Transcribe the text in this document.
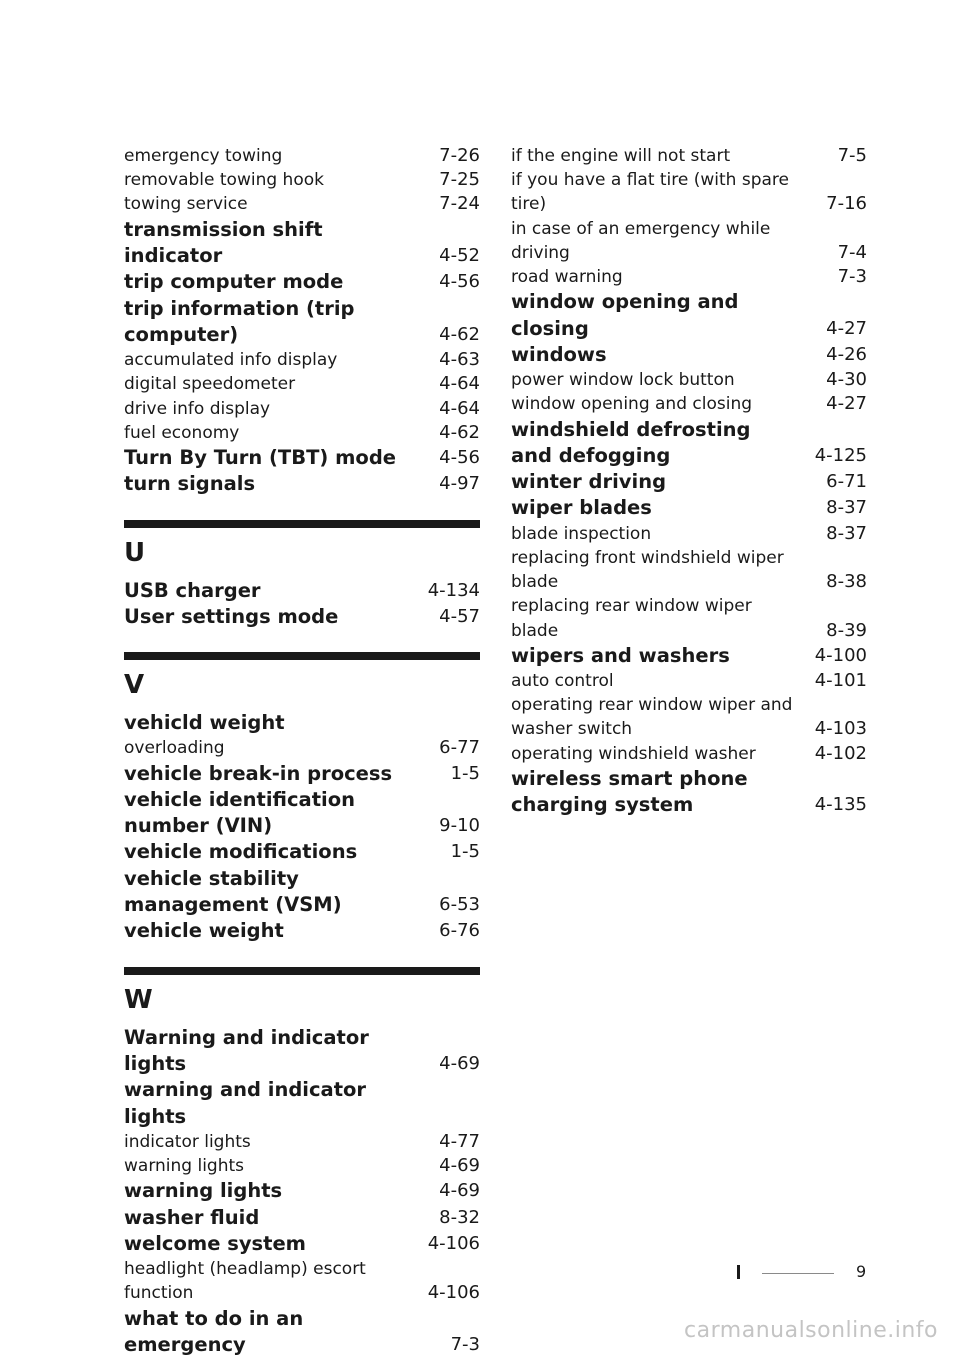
emergency towing	7-26
removable towing hook	7-25
towing service	7-24
transmission shift indicator	4-52
trip computer mode	4-56
trip information (trip computer)	4-62
accumulated info display	4-63
digital speedometer	4-64
drive info display	4-64
fuel economy	4-62
Turn By Turn (TBT) mode	4-56
turn signals	4-97
U
USB charger	4-134
User settings mode	4-57
V
vehicld weight
overloading	6-77
vehicle break-in process	1-5
vehicle identification number (VIN)	9-10
vehicle modifications	1-5
vehicle stability management (VSM)	6-53
vehicle weight	6-76
W
Warning and indicator lights	4-69
warning and indicator lights
indicator lights	4-77
warning lights	4-69
warning lights	4-69
washer fluid	8-32
welcome system	4-106
headlight (headlamp) escort function	4-106
what to do in an emergency	7-3
if the engine will not start	7-5
if you have a flat tire (with spare tire)	7-16
in case of an emergency while driving	7-4
road warning	7-3
window opening and closing	4-27
windows	4-26
power window lock button	4-30
window opening and closing	4-27
windshield defrosting and defogging	4-125
winter driving	6-71
wiper blades	8-37
blade inspection	8-37
replacing front windshield wiper blade	8-38
replacing rear window wiper blade	8-39
wipers and washers	4-100
auto control	4-101
operating rear window wiper and washer switch	4-103
operating windshield washer	4-102
wireless smart phone charging system	4-135
9
carmanualsonline.info
